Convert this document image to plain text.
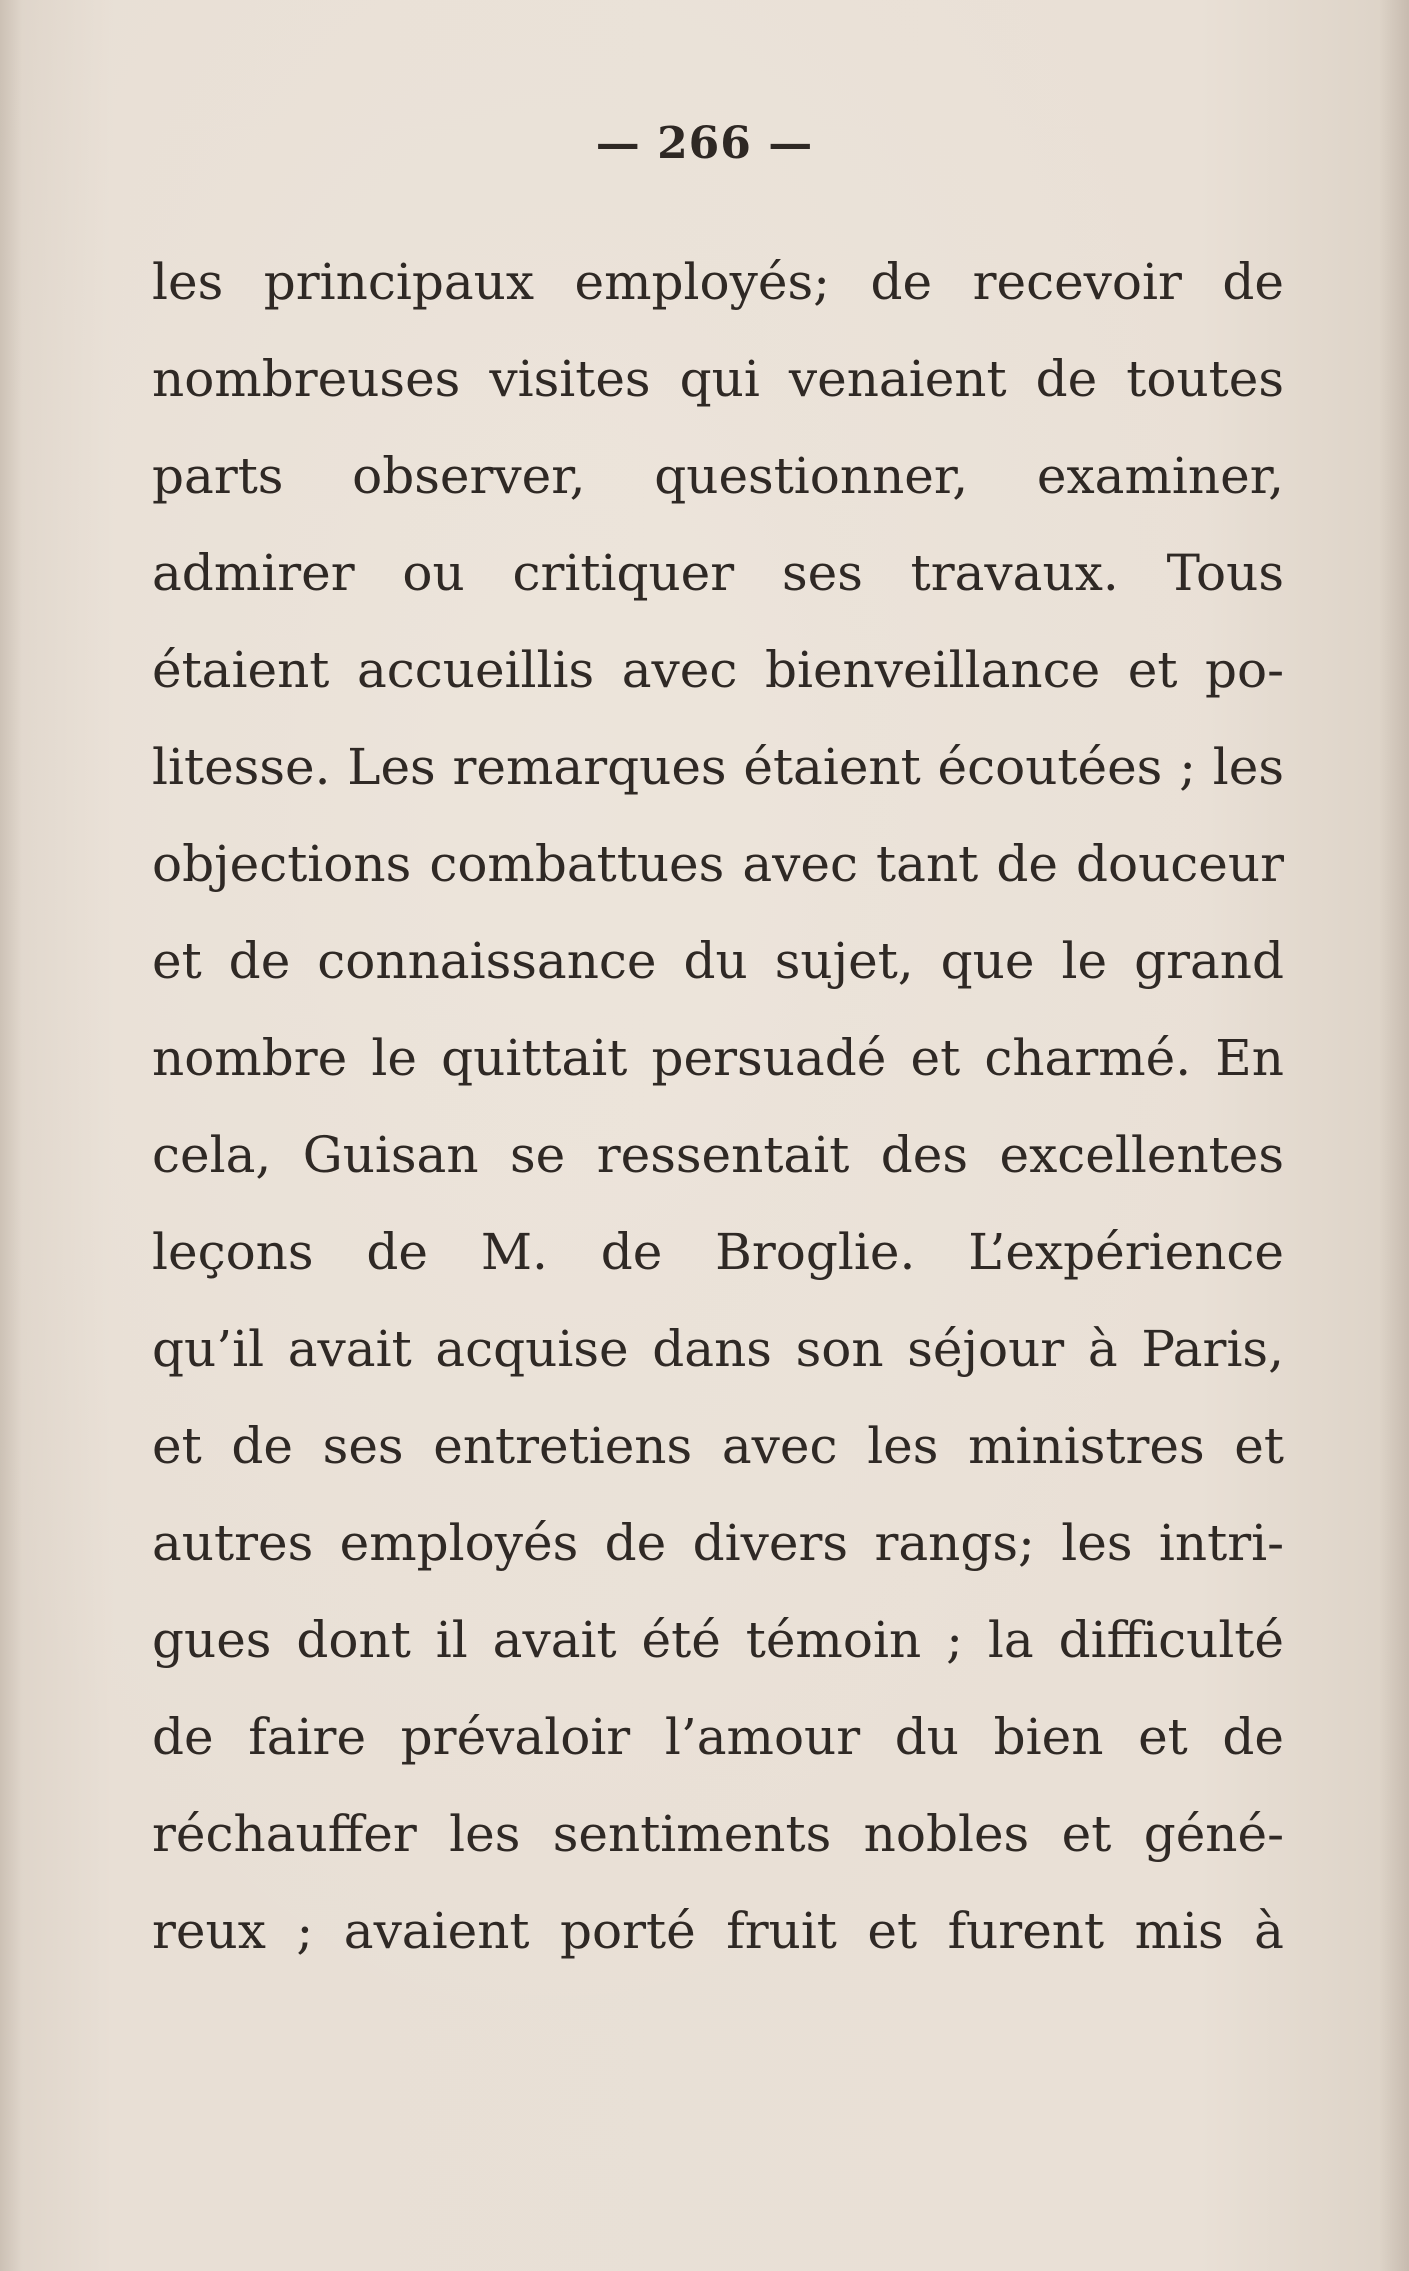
— 266 —
les principaux employés; de recevoir de
nombreuses visites qui venaient de toutes
parts observer, questionner, examiner,
admirer ou critiquer ses travaux. Tous
étaient accueillis avec bienveillance et po-
litesse. Les remarques étaient écoutées ; les
objections combattues avec tant de douceur
et de connaissance du sujet, que le grand
nombre le quittait persuadé et charmé. En
cela, Guisan se ressentait des excellentes
leçons de M. de Broglie. L’expérience
qu’il avait acquise dans son séjour à Paris,
et de ses entretiens avec les ministres et
autres employés de divers rangs; les intri-
gues dont il avait été témoin ; la difficulté
de faire prévaloir l’amour du bien et de
réchauffer les sentiments nobles et géné-
reux ; avaient porté fruit et furent mis à
